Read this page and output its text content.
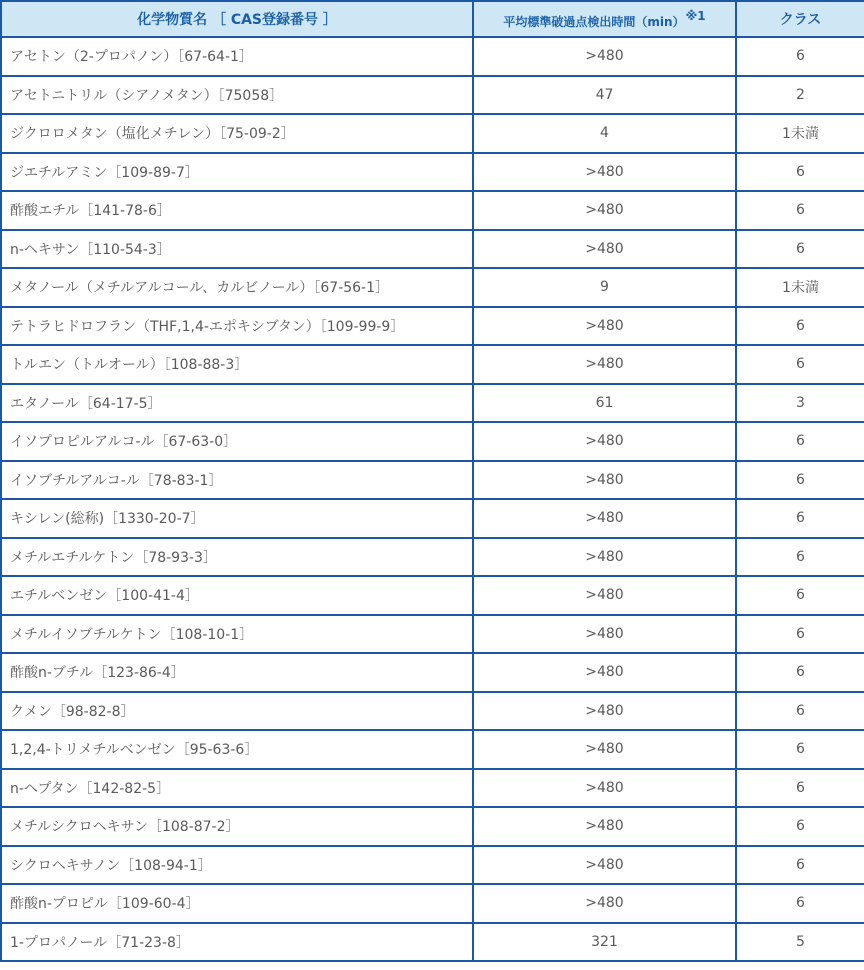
化学物質名 ［ CAS登録番号 ］	平均標準破過点検出時間$(\min)^{※1}$	クラス
アセトン（2-プロパノン）［67-64-1］	>480	6
アセトニトリル（シアノメタン）［75058］	47	2
ジクロロメタン（塩化メチレン）［75-09-2］	4	1未満
ジエチルアミン［109-89-7］	>480	6
酢酸エチル［141-78-6］	>480	6
n-ヘキサン［110-54-3］	>480	6
メタノール（メチルアルコール、カルビノール）［67-56-1］	9	1未満
テトラヒドロフラン（THF,1,4-エポキシブタン）［109-99-9］	>480	6
トルエン（トルオール）［108-88-3］	>480	6
エタノール［64-17-5］	61	3
イソプロピルアルコ-ル［67-63-0］	>480	6
イソブチルアルコ-ル［78-83-1］	>480	6
キシレン(総称)［1330-20-7］	>480	6
メチルエチルケトン［78-93-3］	>480	6
エチルベンゼン［100-41-4］	>480	6
メチルイソブチルケトン［108-10-1］	>480	6
酢酸n-ブチル［123-86-4］	>480	6
クメン［98-82-8］	>480	6
1,2,4-トリメチルベンゼン［95-63-6］	>480	6
n-ヘプタン［142-82-5］	>480	6
メチルシクロヘキサン［108-87-2］	>480	6
シクロヘキサノン［108-94-1］	>480	6
酢酸n-プロピル［109-60-4］	>480	6
1-プロパノール［71-23-8］	321	5
